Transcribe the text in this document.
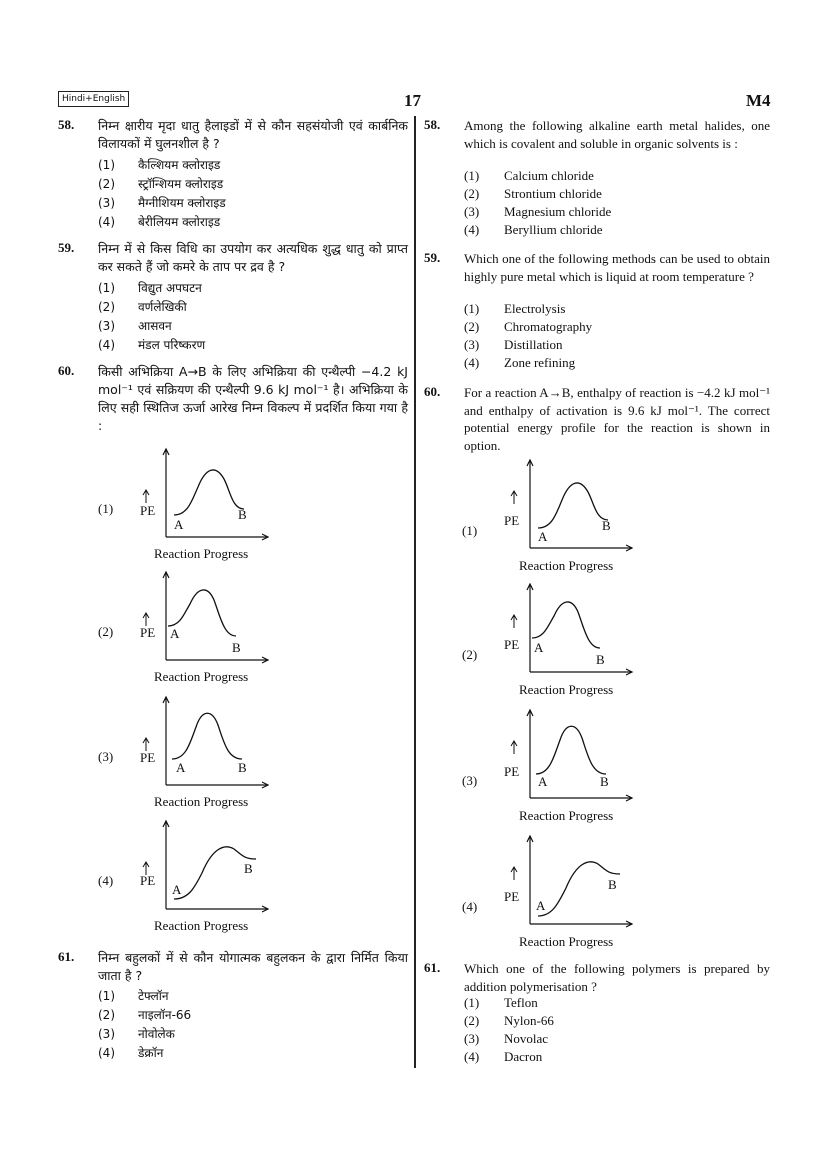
Hindi+English	17	M4
58. निम्न क्षारीय मृदा धातु हैलाइडों में से कौन सहसंयोजी एवं कार्बनिक विलायकों में घुलनशील है ?
(1) कैल्शियम क्लोराइड
(2) स्ट्रॉन्शियम क्लोराइड
(3) मैग्नीशियम क्लोराइड
(4) बेरीलियम क्लोराइड
59. निम्न में से किस विधि का उपयोग कर अत्यधिक शुद्ध धातु को प्राप्त कर सकते हैं जो कमरे के ताप पर द्रव है ?
(1) विद्युत अपघटन
(2) वर्णलेखिकी
(3) आसवन
(4) मंडल परिष्करण
60. किसी अभिक्रिया A→B के लिए अभिक्रिया की एन्थैल्पी −4.2 kJ mol⁻¹ एवं सक्रियण की एन्थैल्पी 9.6 kJ mol⁻¹ है। अभिक्रिया के लिए सही स्थितिज ऊर्जा आरेख निम्न विकल्प में प्रदर्शित किया गया है :
(1) PE
A
B
Reaction Progress
(2) PE A
B
Reaction Progress
(3) PE
A	B
Reaction Progress
(4) PE
A
B
Reaction Progress
61. निम्न बहुलकों में से कौन योगात्मक बहुलकन के द्वारा निर्मित किया जाता है ?
(1) टेफ्लॉन
(2) नाइलॉन-66
(3) नोवोलेक
(4) डेक्रॉन
58. Among the following alkaline earth metal halides, one which is covalent and soluble in organic solvents is :
(1) Calcium chloride
(2) Strontium chloride
(3) Magnesium chloride
(4) Beryllium chloride
59. Which one of the following methods can be used to obtain highly pure metal which is liquid at room temperature ?
(1) Electrolysis
(2) Chromatography
(3) Distillation
(4) Zone refining
60. For a reaction A→B, enthalpy of reaction is −4.2 kJ mol⁻¹ and enthalpy of activation is 9.6 kJ mol⁻¹. The correct potential energy profile for the reaction is shown in option.
(1)
PE
A
B
Reaction Progress
(2)
PE A
B
Reaction Progress
(3)
PE
A	B
Reaction Progress
(4)
PE
A
B
Reaction Progress
61. Which one of the following polymers is prepared by addition polymerisation ?
(1) Teflon
(2) Nylon-66
(3) Novolac
(4) Dacron
